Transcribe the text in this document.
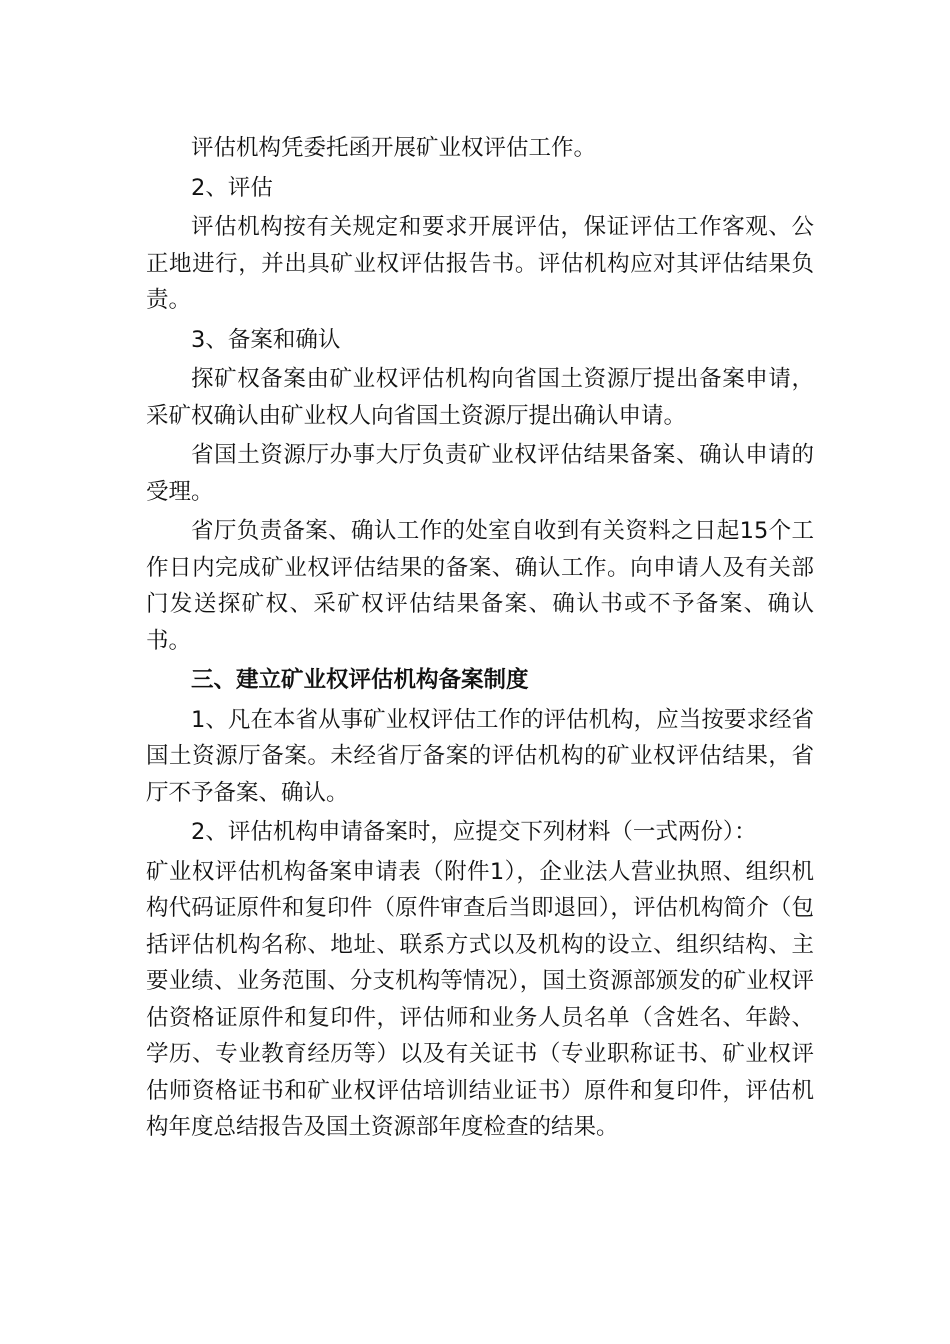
评估机构凭委托函开展矿业权评估工作。

2、评估

评估机构按有关规定和要求开展评估，保证评估工作客观、公正地进行，并出具矿业权评估报告书。评估机构应对其评估结果负责。

3、备案和确认

探矿权备案由矿业权评估机构向省国土资源厅提出备案申请，采矿权确认由矿业权人向省国土资源厅提出确认申请。

省国土资源厅办事大厅负责矿业权评估结果备案、确认申请的受理。

省厅负责备案、确认工作的处室自收到有关资料之日起15个工作日内完成矿业权评估结果的备案、确认工作。向申请人及有关部门发送探矿权、采矿权评估结果备案、确认书或不予备案、确认书。

三、建立矿业权评估机构备案制度

1、凡在本省从事矿业权评估工作的评估机构，应当按要求经省国土资源厅备案。未经省厅备案的评估机构的矿业权评估结果，省厅不予备案、确认。

2、评估机构申请备案时，应提交下列材料（一式两份）：

矿业权评估机构备案申请表（附件1），企业法人营业执照、组织机构代码证原件和复印件（原件审查后当即退回），评估机构简介（包括评估机构名称、地址、联系方式以及机构的设立、组织结构、主要业绩、业务范围、分支机构等情况），国土资源部颁发的矿业权评估资格证原件和复印件，评估师和业务人员名单（含姓名、年龄、学历、专业教育经历等）以及有关证书（专业职称证书、矿业权评估师资格证书和矿业权评估培训结业证书）原件和复印件，评估机构年度总结报告及国土资源部年度检查的结果。
